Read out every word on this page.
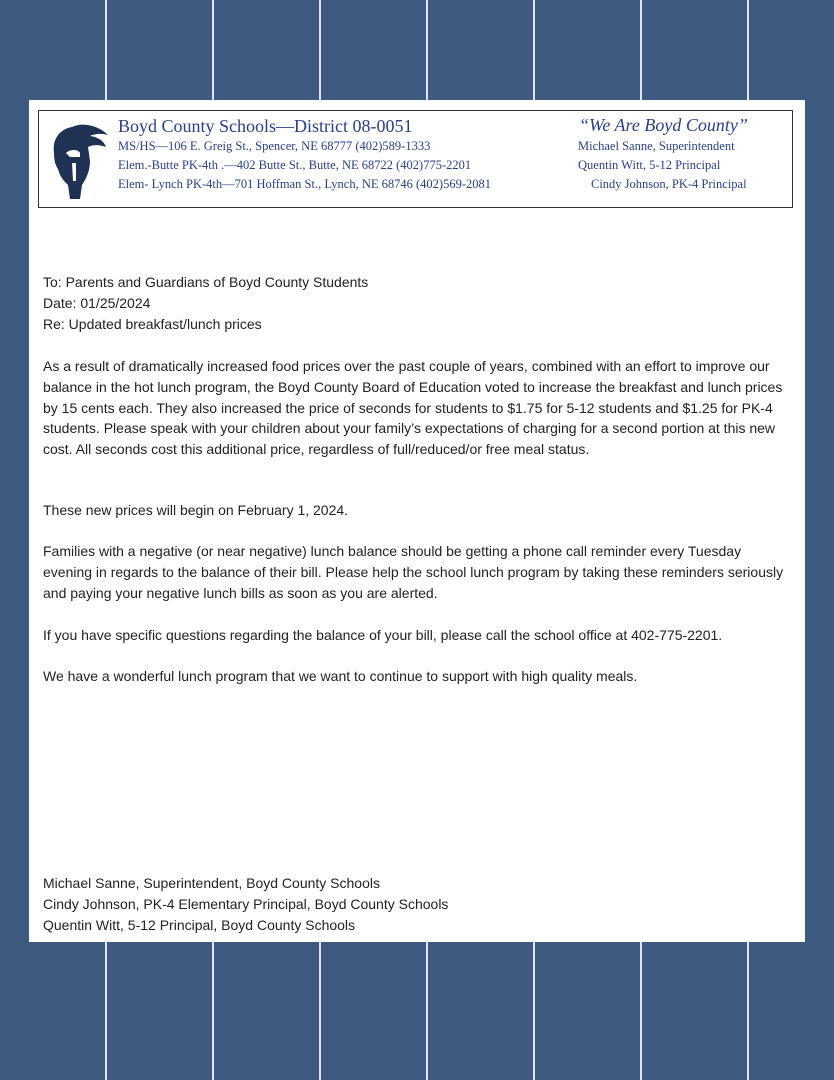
Boyd County Schools—District 08-0051	“We Are Boyd County”
MS/HS—106 E. Greig St., Spencer, NE 68777 (402)589-1333
Elem.-Butte PK-4th .—402 Butte St., Butte, NE 68722 (402)775-2201
Elem- Lynch PK-4th—701 Hoffman St., Lynch, NE 68746 (402)569-2081
Michael Sanne, Superintendent
Quentin Witt, 5-12 Principal
Cindy Johnson, PK-4 Principal
To: Parents and Guardians of Boyd County Students
Date: 01/25/2024
Re: Updated breakfast/lunch prices

As a result of dramatically increased food prices over the past couple of years, combined with an effort to improve our balance in the hot lunch program, the Boyd County Board of Education voted to increase the breakfast and lunch prices by 15 cents each. They also increased the price of seconds for students to $1.75 for 5-12 students and $1.25 for PK-4 students. Please speak with your children about your family’s expectations of charging for a second portion at this new cost. All seconds cost this additional price, regardless of full/reduced/or free meal status.

These new prices will begin on February 1, 2024.

Families with a negative (or near negative) lunch balance should be getting a phone call reminder every Tuesday evening in regards to the balance of their bill. Please help the school lunch program by taking these reminders seriously and paying your negative lunch bills as soon as you are alerted.

If you have specific questions regarding the balance of your bill, please call the school office at 402-775-2201.

We have a wonderful lunch program that we want to continue to support with high quality meals.

Michael Sanne, Superintendent, Boyd County Schools
Cindy Johnson, PK-4 Elementary Principal, Boyd County Schools
Quentin Witt, 5-12 Principal, Boyd County Schools
